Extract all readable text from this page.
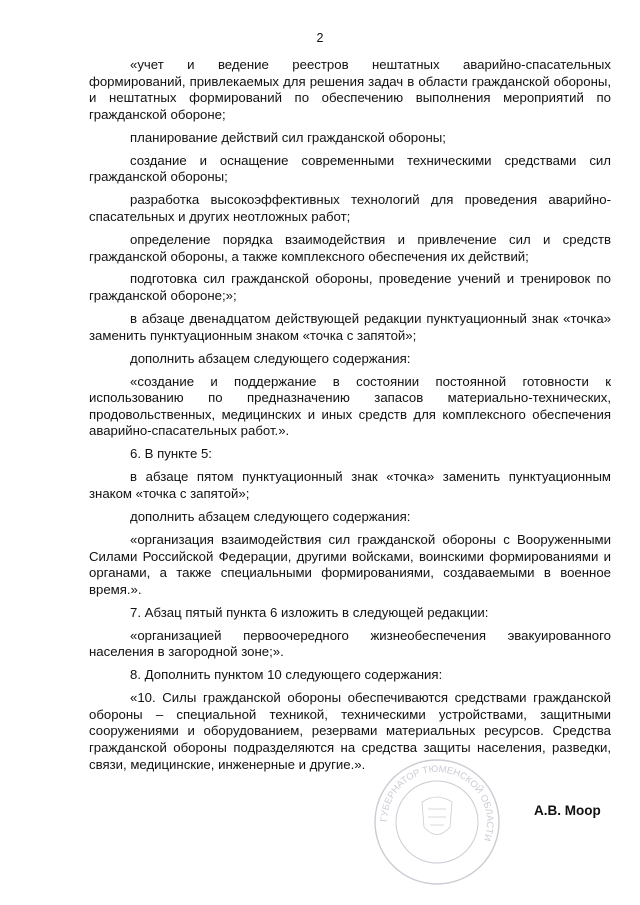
2

«учет и ведение реестров нештатных аварийно-спасательных формирований, привлекаемых для решения задач в области гражданской обороны, и нештатных формирований по обеспечению выполнения мероприятий по гражданской обороне;

планирование действий сил гражданской обороны;

создание и оснащение современными техническими средствами сил гражданской обороны;

разработка высокоэффективных технологий для проведения аварийно-спасательных и других неотложных работ;

определение порядка взаимодействия и привлечение сил и средств гражданской обороны, а также комплексного обеспечения их действий;

подготовка сил гражданской обороны, проведение учений и тренировок по гражданской обороне;»;

в абзаце двенадцатом действующей редакции пунктуационный знак «точка» заменить пунктуационным знаком «точка с запятой»;

дополнить абзацем следующего содержания:

«создание и поддержание в состоянии постоянной готовности к использованию по предназначению запасов материально-технических, продовольственных, медицинских и иных средств для комплексного обеспечения аварийно-спасательных работ.».

6. В пункте 5:

в абзаце пятом пунктуационный знак «точка» заменить пунктуационным знаком «точка с запятой»;

дополнить абзацем следующего содержания:

«организация взаимодействия сил гражданской обороны с Вооруженными Силами Российской Федерации, другими войсками, воинскими формированиями и органами, а также специальными формированиями, создаваемыми в военное время.».

7. Абзац пятый пункта 6 изложить в следующей редакции:

«организацией первоочередного жизнеобеспечения эвакуированного населения в загородной зоне;».

8. Дополнить пунктом 10 следующего содержания:

«10. Силы гражданской обороны обеспечиваются средствами гражданской обороны – специальной техникой, техническими устройствами, защитными сооружениями и оборудованием, резервами материальных ресурсов. Средства гражданской обороны подразделяются на средства защиты населения, разведки, связи, медицинские, инженерные и другие.».

ГУБЕРНАТОР ТЮМЕНСКОЙ ОБЛАСТИ
А.В. Моор
